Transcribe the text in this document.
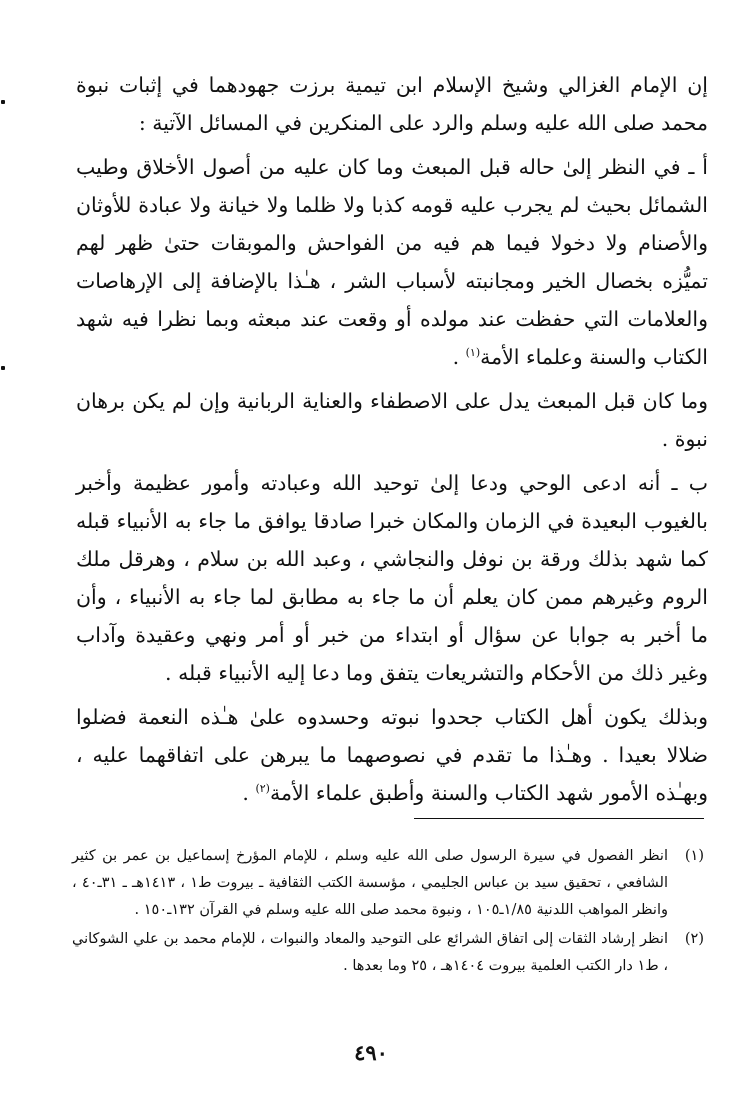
إن الإمام الغزالي وشيخ الإسلام ابن تيمية برزت جهودهما في إثبات نبوة محمد صلى الله عليه وسلم والرد على المنكرين في المسائل الآتية :

أ ـ في النظر إلىٰ حاله قبل المبعث وما كان عليه من أصول الأخلاق وطيب الشمائل بحيث لم يجرب عليه قومه كذبا ولا ظلما ولا خيانة ولا عبادة للأوثان والأصنام ولا دخولا فيما هم فيه من الفواحش والموبقات حتىٰ ظهر لهم تميُّزه بخصال الخير ومجانبته لأسباب الشر ، هـٰذا بالإضافة إلى الإرهاصات والعلامات التي حفظت عند مولده أو وقعت عند مبعثه وبما نظرا فيه شهد الكتاب والسنة وعلماء الأمة$^{(١)}$ .

وما كان قبل المبعث يدل على الاصطفاء والعناية الربانية وإن لم يكن برهان نبوة .

ب ـ أنه ادعى الوحي ودعا إلىٰ توحيد الله وعبادته وأمور عظيمة وأخبر بالغيوب البعيدة في الزمان والمكان خبرا صادقا يوافق ما جاء به الأنبياء قبله كما شهد بذلك ورقة بن نوفل والنجاشي ، وعبد الله بن سلام ، وهرقل ملك الروم وغيرهم ممن كان يعلم أن ما جاء به مطابق لما جاء به الأنبياء ، وأن ما أخبر به جوابا عن سؤال أو ابتداء من خبر أو أمر ونهي وعقيدة وآداب وغير ذلك من الأحكام والتشريعات يتفق وما دعا إليه الأنبياء قبله .

وبذلك يكون أهل الكتاب جحدوا نبوته وحسدوه علىٰ هـٰذه النعمة فضلوا ضلالا بعيدا . وهـٰذا ما تقدم في نصوصهما ما يبرهن على اتفاقهما عليه ، وبهـٰذه الأمور شهد الكتاب والسنة وأطبق علماء الأمة$^{(٢)}$ .

(١)
انظر الفصول في سيرة الرسول صلى الله عليه وسلم ، للإمام المؤرخ إسماعيل بن عمر بن كثير الشافعي ، تحقيق سيد بن عباس الجليمي ، مؤسسة الكتب الثقافية ـ بيروت ط١ ، ١٤١٣هـ ـ ٣١ـ٤٠ ، وانظر المواهب اللدنية ١/٨٥ـ١٠٥ ، ونبوة محمد صلى الله عليه وسلم في القرآن ١٣٢ـ١٥٠ .
(٢)
انظر إرشاد الثقات إلى اتفاق الشرائع على التوحيد والمعاد والنبوات ، للإمام محمد بن علي الشوكاني ، ط١ دار الكتب العلمية بيروت ١٤٠٤هـ ، ٢٥ وما بعدها .
٤٩٠
